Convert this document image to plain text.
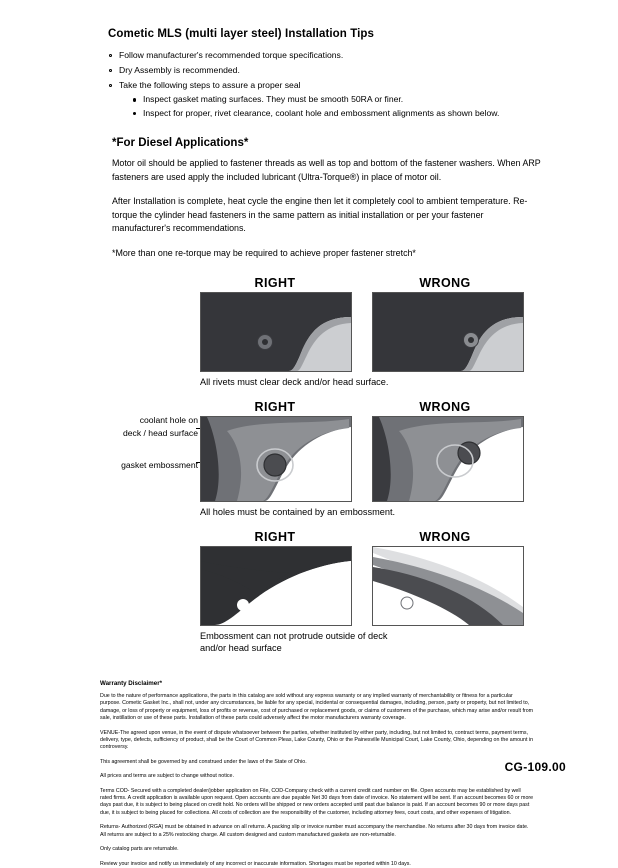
Cometic MLS (multi layer steel) Installation Tips
Follow manufacturer's recommended torque specifications.
Dry Assembly is recommended.
Take the following steps to assure a proper seal
Inspect gasket mating surfaces. They must be smooth 50RA or finer.
Inspect for proper, rivet clearance, coolant hole and embossment alignments as shown below.
*For Diesel Applications*

Motor oil should be applied to fastener threads as well as top and bottom of the fastener washers. When ARP fasteners are used apply the included lubricant (Ultra-Torque®) in place of motor oil.

After Installation is complete, heat cycle the engine then let it completely cool to ambient temperature. Re-torque the cylinder head fasteners in the same pattern as initial installation or per your fastener manufacturer's recommendations.

*More than one re-torque may be required to achieve proper fastener stretch*

RIGHT	WRONG
All rivets must clear deck and/or head surface.
coolant hole on
deck / head surface
gasket embossment
RIGHT	WRONG
All holes must be contained by an embossment.
RIGHT	WRONG
Embossment can not protrude outside of deck
and/or head surface
Warranty Disclaimer*

Due to the nature of performance applications, the parts in this catalog are sold without any express warranty or any implied warranty of merchantability or fitness for a particular purpose. Cometic Gasket Inc., shall not, under any circumstances, be liable for any special, incidental or consequential damages, including, person, party or property, but not limited to, damage, or loss of property or equipment, loss of profits or revenue, cost of purchased or replacement goods, or claims of customers of the purchase, which may arise and/or result from sale, instillation or use of these parts. Installation of these parts could adversely affect the motor manufacturers warranty coverage.

VENUE-The agreed upon venue, in the event of dispute whatsoever between the parties, whether instituted by either party, including, but not limited to, contract terms, payment terms, delivery, type, defects, sufficiency of product, shall be the Court of Common Pleas, Lake County, Ohio or the Painesville Municipal Court, Lake County, Ohio, depending on the amount in controversy.

This agreement shall be governed by and construed under the laws of the State of Ohio.

All prices and terms are subject to change without notice.

Terms COD- Secured with a completed dealer/jobber application on File, COD-Company check with a current credit card number on file. Open accounts may be established by well rated firms. A credit application is available upon request. Open accounts are due payable Net 30 days from date of invoice. No statement will be sent. If an account becomes 60 or more days past due, it is subject to being placed on credit hold. No orders will be shipped or new orders accepted until past due balance is paid. If an account becomes 90 or more days past due, it is subject to being placed for collections. All costs of collection are the responsibility of the customer, including attorney fees, court costs, and other expenses of litigation.

Returns- Authorized (RGA) must be obtained in advance on all returns. A packing slip or invoice number must accompany the merchandise. No returns after 30 days from invoice date. All returns are subject to a 25% restocking charge. All custom designed and custom manufactured gaskets are non-returnable.

Only catalog parts are returnable.

Review your invoice and notify us immediately of any incorrect or inaccurate information. Shortages must be reported within 10 days.

CG-109.00
